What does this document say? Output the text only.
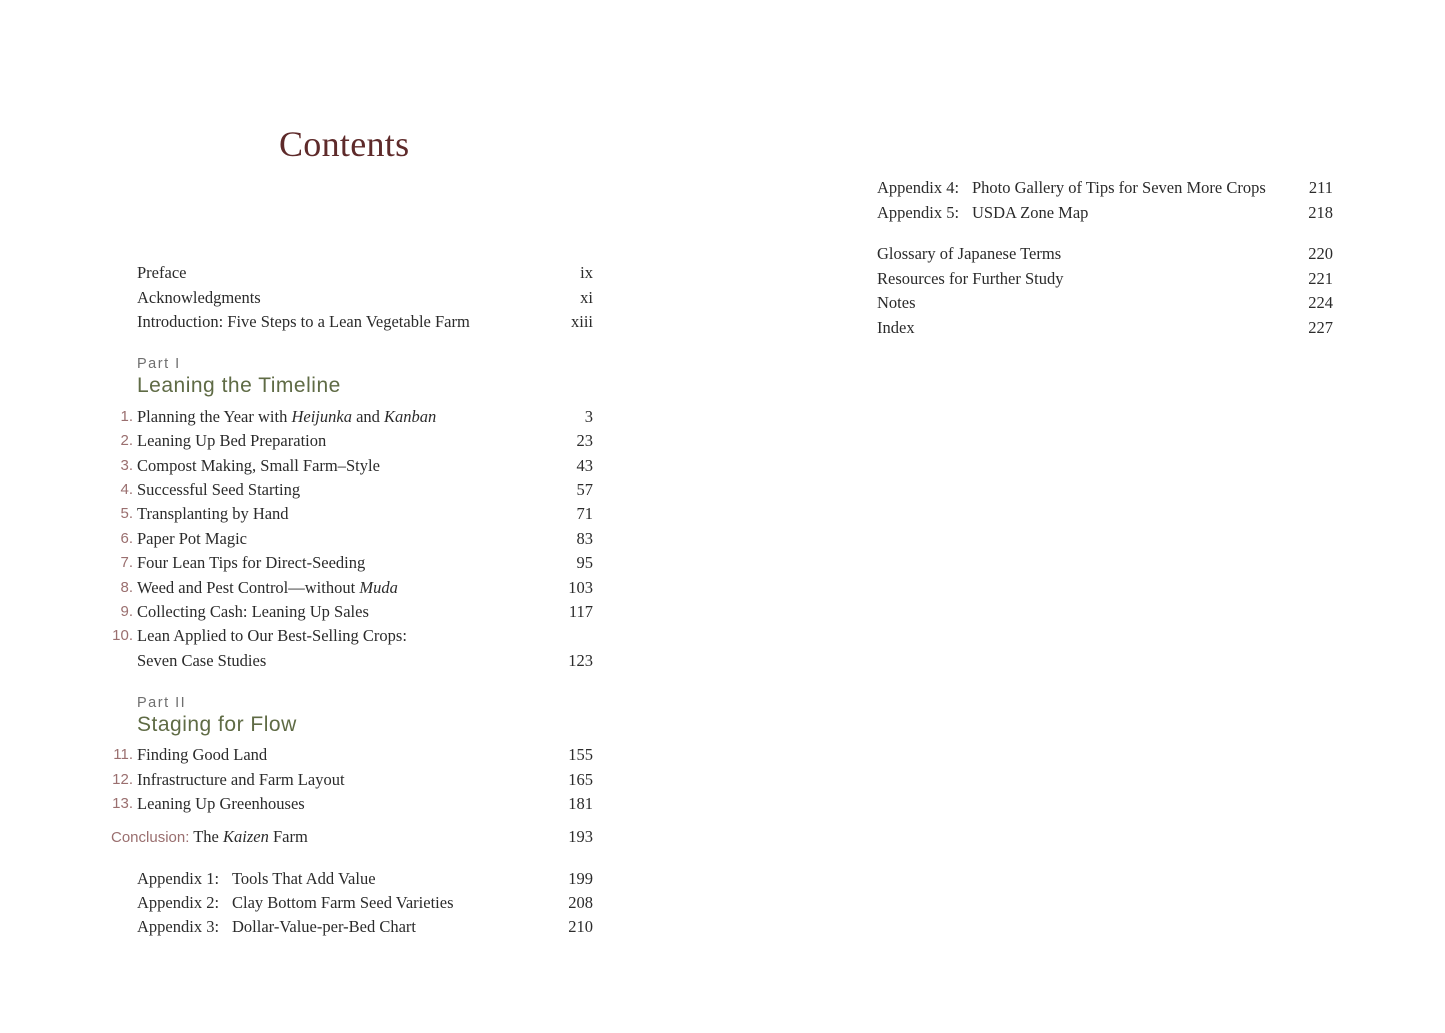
Contents
Preface	ix
Acknowledgments	xi
Introduction: Five Steps to a Lean Vegetable Farm	xiii
Part I
Leaning the Timeline
1. Planning the Year with Heijunka and Kanban	3
2. Leaning Up Bed Preparation	23
3. Compost Making, Small Farm–Style	43
4. Successful Seed Starting	57
5. Transplanting by Hand	71
6. Paper Pot Magic	83
7. Four Lean Tips for Direct-Seeding	95
8. Weed and Pest Control—without Muda	103
9. Collecting Cash: Leaning Up Sales	117
10. Lean Applied to Our Best-Selling Crops:
Seven Case Studies	123
Part II
Staging for Flow
11. Finding Good Land	155
12. Infrastructure and Farm Layout	165
13. Leaning Up Greenhouses	181
Conclusion: The Kaizen Farm	193
Appendix 1: Tools That Add Value	199
Appendix 2: Clay Bottom Farm Seed Varieties	208
Appendix 3: Dollar-Value-per-Bed Chart	210
Appendix 4: Photo Gallery of Tips for Seven More Crops	211
Appendix 5: USDA Zone Map	218
Glossary of Japanese Terms	220
Resources for Further Study	221
Notes	224
Index	227
